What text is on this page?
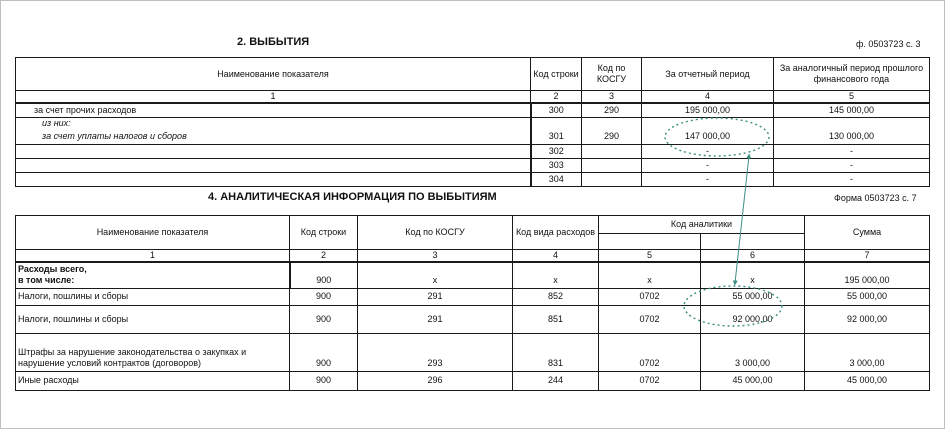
2. ВЫБЫТИЯ	ф. 0503723 с. 3
Наименование показателя	Код строки	Код по КОСГУ	За отчетный период	За аналогичный период прошлого финансового года
1	2	3	4	5
за счет прочих расходов	300	290	195 000,00	145 000,00
из них:				
за счет уплаты налогов и сборов	301	290	147 000,00	130 000,00
	302		-	-
	303		-	-
	304		-	-
4. АНАЛИТИЧЕСКАЯ ИНФОРМАЦИЯ ПО ВЫБЫТИЯМ	Форма 0503723 с. 7
Наименование показателя	Код строки	Код по КОСГУ	Код вида расходов	Код аналитики		Сумма

1	2	3	4	5	6	7

Расходы всего,
в том числе:	900	x	x	x	x	195 000,00
Налоги, пошлины и сборы	900	291	852	0702	55 000,00	55 000,00
Налоги, пошлины и сборы	900	291	851	0702	92 000,00	92 000,00

Штрафы за нарушение законодательства о закупках и
нарушение условий контрактов (договоров)	900	293	831	0702	3 000,00	3 000,00
Иные расходы	900	296	244	0702	45 000,00	45 000,00
